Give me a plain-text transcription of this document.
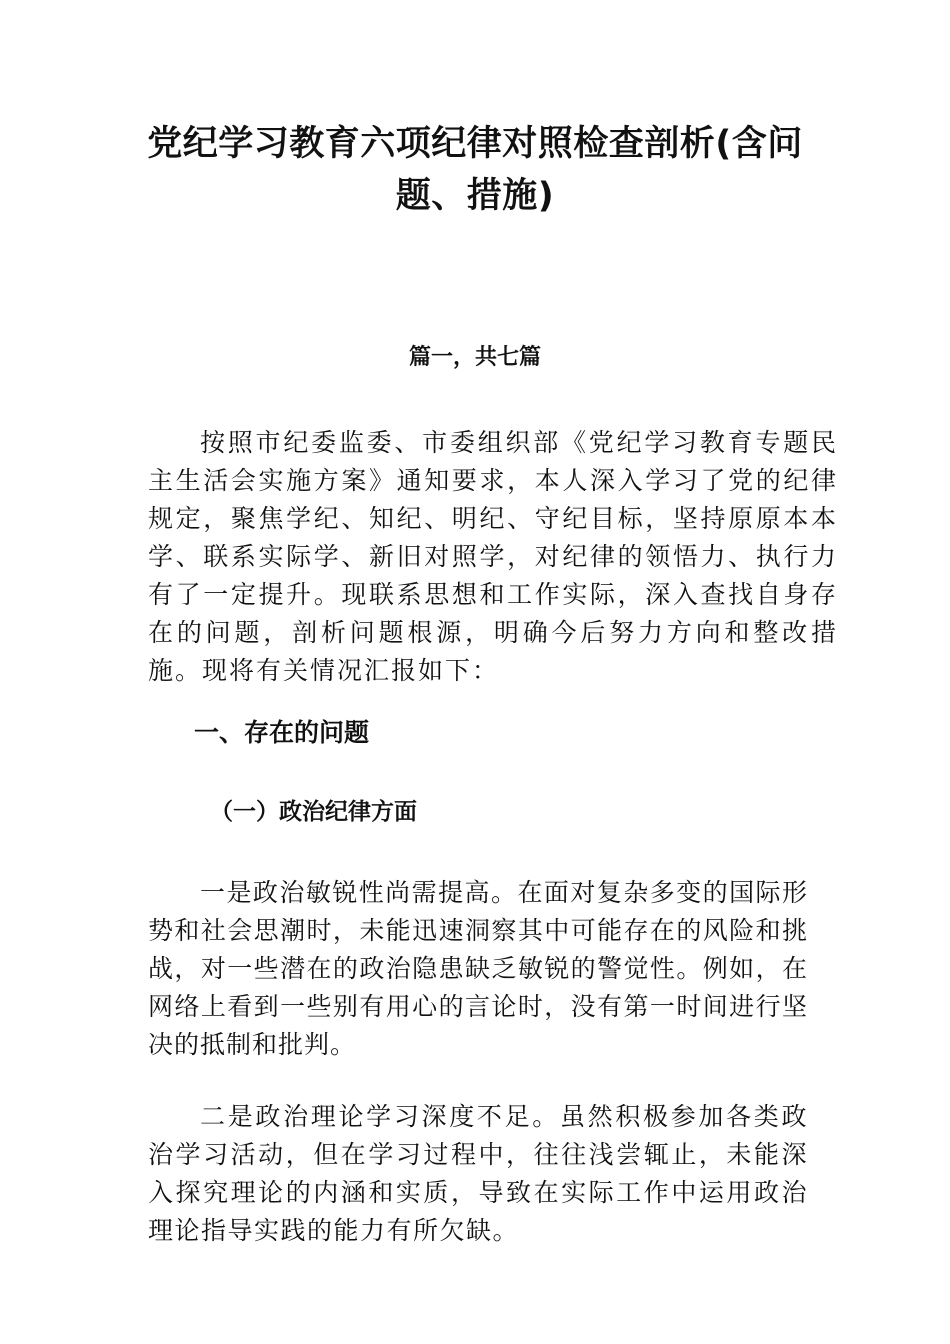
党纪学习教育六项纪律对照检查剖析(含问题、措施)
篇一，共七篇

按照市纪委监委、市委组织部《党纪学习教育专题民主生活会实施方案》通知要求，本人深入学习了党的纪律规定，聚焦学纪、知纪、明纪、守纪目标，坚持原原本本学、联系实际学、新旧对照学，对纪律的领悟力、执行力有了一定提升。现联系思想和工作实际，深入查找自身存在的问题，剖析问题根源，明确今后努力方向和整改措施。现将有关情况汇报如下：

一、存在的问题
（一）政治纪律方面

一是政治敏锐性尚需提高。在面对复杂多变的国际形势和社会思潮时，未能迅速洞察其中可能存在的风险和挑战，对一些潜在的政治隐患缺乏敏锐的警觉性。例如，在网络上看到一些别有用心的言论时，没有第一时间进行坚决的抵制和批判。

二是政治理论学习深度不足。虽然积极参加各类政治学习活动，但在学习过程中，往往浅尝辄止，未能深入探究理论的内涵和实质，导致在实际工作中运用政治理论指导实践的能力有所欠缺。
